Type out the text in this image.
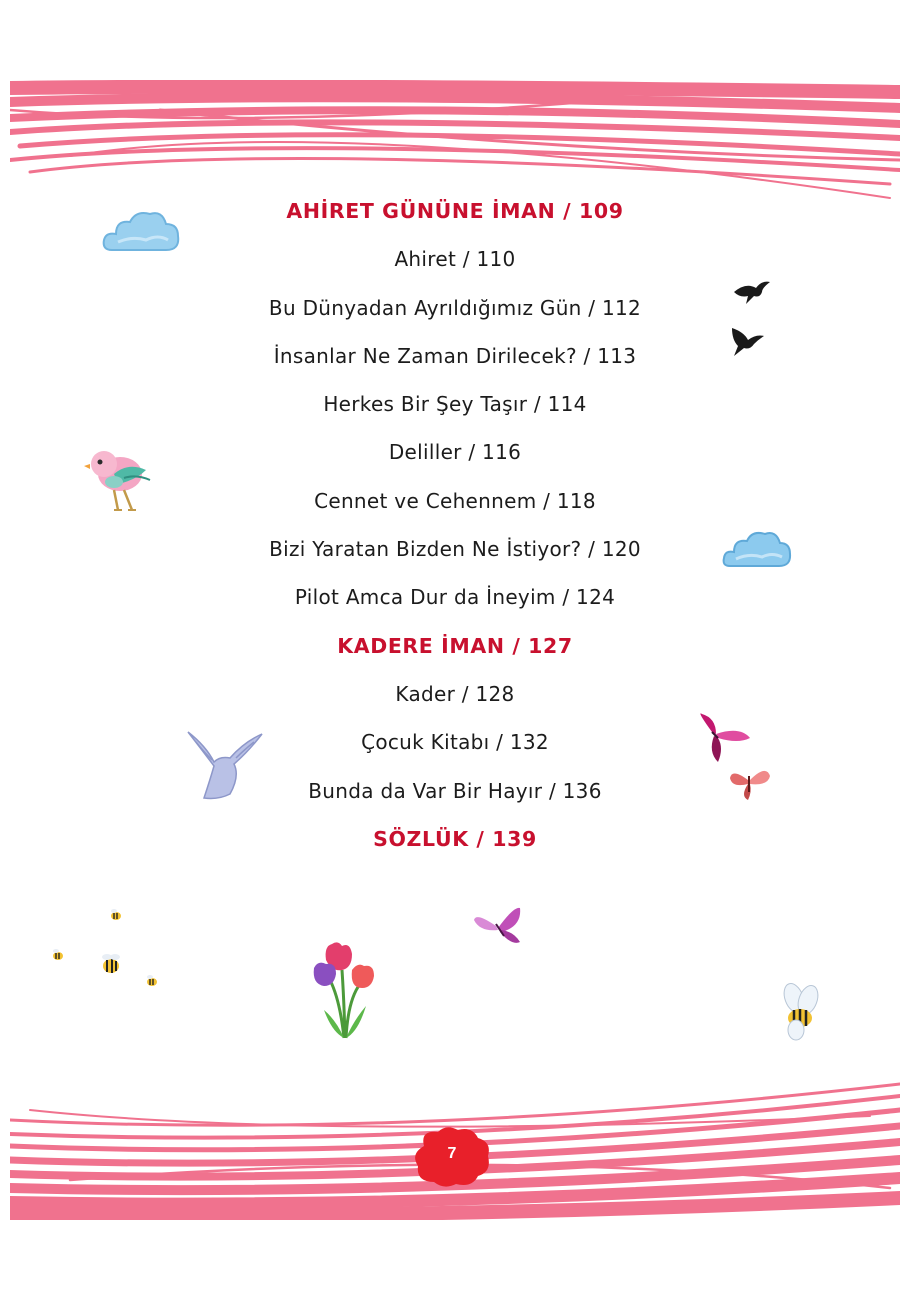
AHİRET GÜNÜNE İMAN / 109
Ahiret / 110
Bu Dünyadan Ayrıldığımız Gün / 112
İnsanlar Ne Zaman Dirilecek? / 113
Herkes Bir Şey Taşır / 114
Deliller / 116
Cennet ve Cehennem / 118
Bizi Yaratan Bizden Ne İstiyor? / 120
Pilot Amca Dur da İneyim / 124
KADERE İMAN / 127
Kader / 128
Çocuk Kitabı / 132
Bunda da Var Bir Hayır / 136
SÖZLÜK / 139
7
